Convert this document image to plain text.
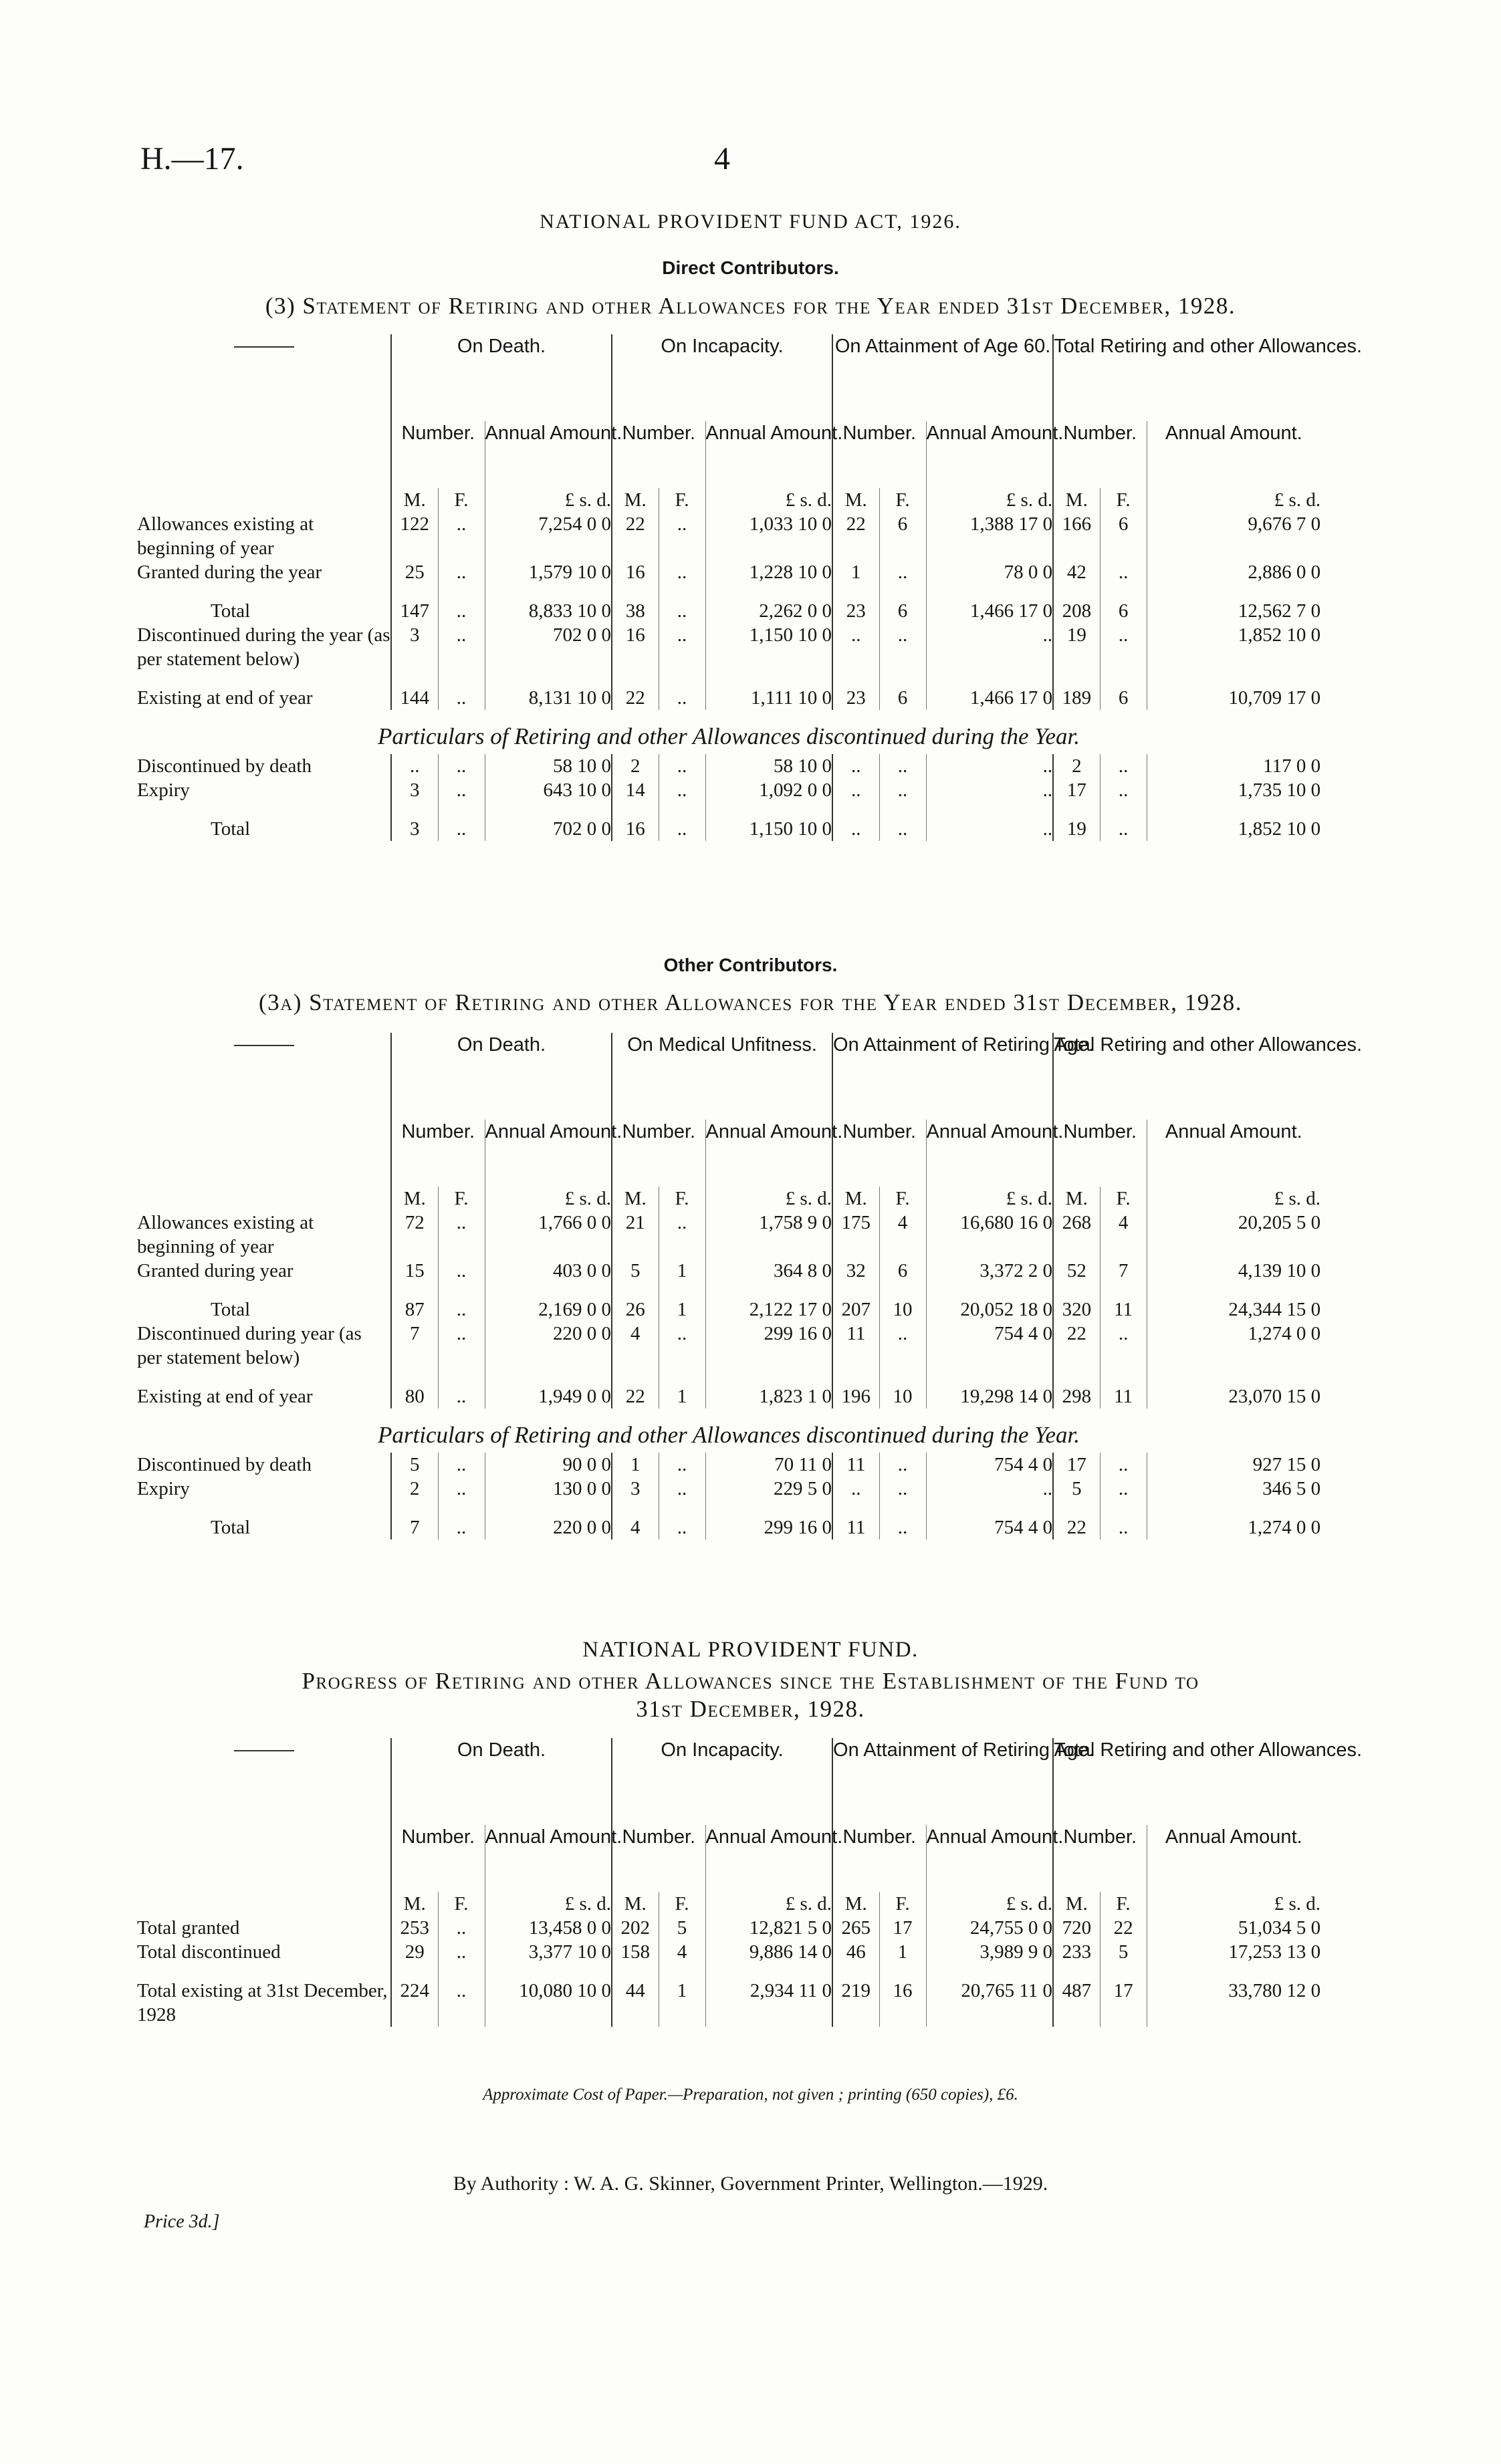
H.—17.	4
NATIONAL PROVIDENT FUND ACT, 1926.
Direct Contributors.
(3) Statement of Retiring and other Allowances for the Year ended 31st December, 1928.
	On Death.			On Incapacity.			On Attainment of Age 60.			Total Retiring and other Allowances.		
	Number.		Annual Amount.	Number.		Annual Amount.	Number.		Annual Amount.	Number.		Annual Amount.
	M.	F.	£ s. d.	M.	F.	£ s. d.	M.	F.	£ s. d.	M.	F.	£ s. d.
Allowances existing at beginning of year	122	..	7,254 0 0	22	..	1,033 10 0	22	6	1,388 17 0	166	6	9,676 7 0
Granted during the year	25	..	1,579 10 0	16	..	1,228 10 0	1	..	78 0 0	42	..	2,886 0 0

Total	147	..	8,833 10 0	38	..	2,262 0 0	23	6	1,466 17 0	208	6	12,562 7 0
Discontinued during the year (as per statement below)	3	..	702 0 0	16	..	1,150 10 0	..	..	..	19	..	1,852 10 0

Existing at end of year	144	..	8,131 10 0	22	..	1,111 10 0	23	6	1,466 17 0	189	6	10,709 17 0
Particulars of Retiring and other Allowances discontinued during the Year.												
Discontinued by death	..	..	58 10 0	2	..	58 10 0	..	..	..	2	..	117 0 0
Expiry	3	..	643 10 0	14	..	1,092 0 0	..	..	..	17	..	1,735 10 0

Total	3	..	702 0 0	16	..	1,150 10 0	..	..	..	19	..	1,852 10 0
Other Contributors.
(3a) Statement of Retiring and other Allowances for the Year ended 31st December, 1928.
	On Death.			On Medical Unfitness.			On Attainment of Retiring Age.			Total Retiring and other Allowances.		
	Number.		Annual Amount.	Number.		Annual Amount.	Number.		Annual Amount.	Number.		Annual Amount.
	M.	F.	£ s. d.	M.	F.	£ s. d.	M.	F.	£ s. d.	M.	F.	£ s. d.
Allowances existing at beginning of year	72	..	1,766 0 0	21	..	1,758 9 0	175	4	16,680 16 0	268	4	20,205 5 0
Granted during year	15	..	403 0 0	5	1	364 8 0	32	6	3,372 2 0	52	7	4,139 10 0

Total	87	..	2,169 0 0	26	1	2,122 17 0	207	10	20,052 18 0	320	11	24,344 15 0
Discontinued during year (as per statement below)	7	..	220 0 0	4	..	299 16 0	11	..	754 4 0	22	..	1,274 0 0

Existing at end of year	80	..	1,949 0 0	22	1	1,823 1 0	196	10	19,298 14 0	298	11	23,070 15 0
Particulars of Retiring and other Allowances discontinued during the Year.												
Discontinued by death	5	..	90 0 0	1	..	70 11 0	11	..	754 4 0	17	..	927 15 0
Expiry	2	..	130 0 0	3	..	229 5 0	..	..	..	5	..	346 5 0

Total	7	..	220 0 0	4	..	299 16 0	11	..	754 4 0	22	..	1,274 0 0
NATIONAL PROVIDENT FUND.
Progress of Retiring and other Allowances since the Establishment of the Fund to
31st December, 1928.
	On Death.			On Incapacity.			On Attainment of Retiring Age.			Total Retiring and other Allowances.		
	Number.		Annual Amount.	Number.		Annual Amount.	Number.		Annual Amount.	Number.		Annual Amount.
	M.	F.	£ s. d.	M.	F.	£ s. d.	M.	F.	£ s. d.	M.	F.	£ s. d.
Total granted	253	..	13,458 0 0	202	5	12,821 5 0	265	17	24,755 0 0	720	22	51,034 5 0
Total discontinued	29	..	3,377 10 0	158	4	9,886 14 0	46	1	3,989 9 0	233	5	17,253 13 0

Total existing at 31st December, 1928	224	..	10,080 10 0	44	1	2,934 11 0	219	16	20,765 11 0	487	17	33,780 12 0
Approximate Cost of Paper.—Preparation, not given ; printing (650 copies), £6.
By Authority : W. A. G. Skinner, Government Printer, Wellington.—1929.
Price 3d.]
